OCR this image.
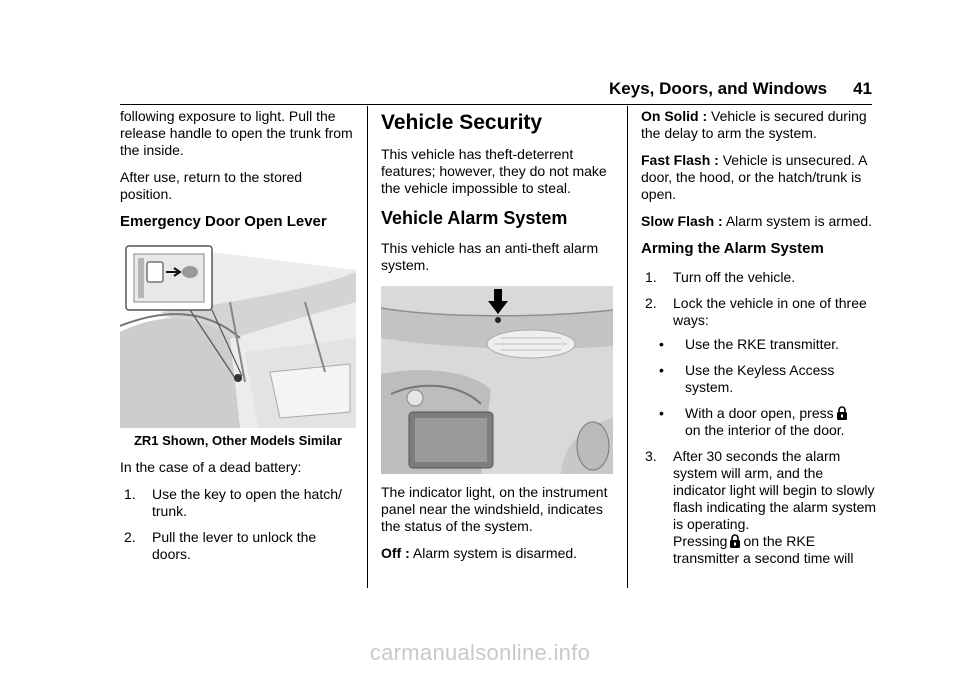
Keys, Doors, and Windows 41

following exposure to light. Pull the release handle to open the trunk from the inside.

After use, return to the stored position.

Emergency Door Open Lever
ZR1 Shown, Other Models Similar

In the case of a dead battery:

1. Use the key to open the hatch/ trunk.
2. Pull the lever to unlock the doors.
Vehicle Security

This vehicle has theft-deterrent features; however, they do not make the vehicle impossible to steal.

Vehicle Alarm System

This vehicle has an anti-theft alarm system.

The indicator light, on the instrument panel near the windshield, indicates the status of the system.

Off : Alarm system is disarmed.

On Solid : Vehicle is secured during the delay to arm the system.

Fast Flash : Vehicle is unsecured. A door, the hood, or the hatch/trunk is open.

Slow Flash : Alarm system is armed.

Arming the Alarm System
1. Turn off the vehicle.
2. Lock the vehicle in one of three ways:
• Use the RKE transmitter.
• Use the Keyless Access system.
• With a door open, press
on the interior of the door.
3. After 30 seconds the alarm system will arm, and the indicator light will begin to slowly flash indicating the alarm system is operating.
Pressing on the RKE transmitter a second time will
carmanualsonline.info
